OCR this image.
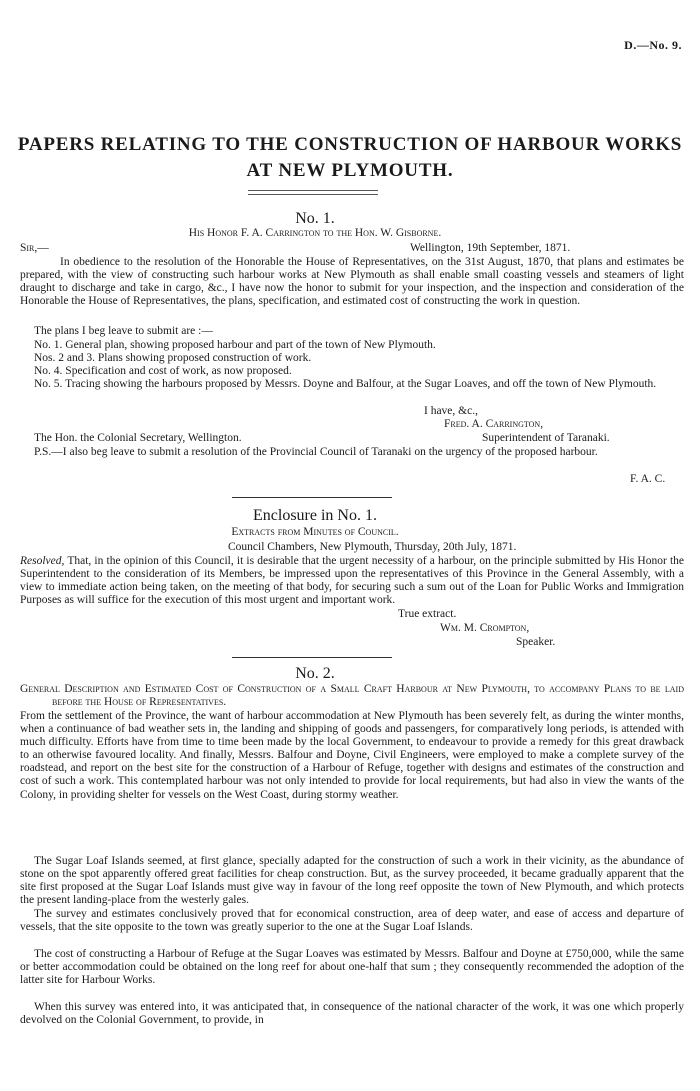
D.—No. 9.
PAPERS RELATING TO THE CONSTRUCTION OF HARBOUR WORKS
AT NEW PLYMOUTH.
No. 1.
His Honor F. A. Carrington to the Hon. W. Gisborne.
Sir,—	Wellington, 19th September, 1871.
In obedience to the resolution of the Honorable the House of Representatives, on the 31st August, 1870, that plans and estimates be prepared, with the view of constructing such harbour works at New Plymouth as shall enable small coasting vessels and steamers of light draught to discharge and take in cargo, &c., I have now the honor to submit for your inspection, and the inspection and consideration of the Honorable the House of Representatives, the plans, specification, and estimated cost of constructing the work in question.
The plans I beg leave to submit are :—
No. 1. General plan, showing proposed harbour and part of the town of New Plymouth.
Nos. 2 and 3. Plans showing proposed construction of work.
No. 4. Specification and cost of work, as now proposed.
No. 5. Tracing showing the harbours proposed by Messrs. Doyne and Balfour, at the Sugar Loaves, and off the town of New Plymouth.
I have, &c.,
Fred. A. Carrington,
The Hon. the Colonial Secretary, Wellington.	Superintendent of Taranaki.
P.S.—I also beg leave to submit a resolution of the Provincial Council of Taranaki on the urgency of the proposed harbour.
F. A. C.
Enclosure in No. 1.
Extracts from Minutes of Council.
Council Chambers, New Plymouth, Thursday, 20th July, 1871.
Resolved, That, in the opinion of this Council, it is desirable that the urgent necessity of a harbour, on the principle submitted by His Honor the Superintendent to the consideration of its Members, be impressed upon the representatives of this Province in the General Assembly, with a view to immediate action being taken, on the meeting of that body, for securing such a sum out of the Loan for Public Works and Immigration Purposes as will suffice for the execution of this most urgent and important work.
True extract.
Wm. M. Crompton,
Speaker.
No. 2.
General Description and Estimated Cost of Construction of a Small Craft Harbour at New Plymouth, to accompany Plans to be laid before the House of Representatives.
From the settlement of the Province, the want of harbour accommodation at New Plymouth has been severely felt, as during the winter months, when a continuance of bad weather sets in, the landing and shipping of goods and passengers, for comparatively long periods, is attended with much difficulty. Efforts have from time to time been made by the local Government, to endeavour to provide a remedy for this great drawback to an otherwise favoured locality. And finally, Messrs. Balfour and Doyne, Civil Engineers, were employed to make a complete survey of the roadstead, and report on the best site for the construction of a Harbour of Refuge, together with designs and estimates of the construction and cost of such a work. This contemplated harbour was not only intended to provide for local requirements, but had also in view the wants of the Colony, in providing shelter for vessels on the West Coast, during stormy weather.
The Sugar Loaf Islands seemed, at first glance, specially adapted for the construction of such a work in their vicinity, as the abundance of stone on the spot apparently offered great facilities for cheap construction. But, as the survey proceeded, it became gradually apparent that the site first proposed at the Sugar Loaf Islands must give way in favour of the long reef opposite the town of New Plymouth, and which protects the present landing-place from the westerly gales.
The survey and estimates conclusively proved that for economical construction, area of deep water, and ease of access and departure of vessels, that the site opposite to the town was greatly superior to the one at the Sugar Loaf Islands.
The cost of constructing a Harbour of Refuge at the Sugar Loaves was estimated by Messrs. Balfour and Doyne at £750,000, while the same or better accommodation could be obtained on the long reef for about one-half that sum ; they consequently recommended the adoption of the latter site for Harbour Works.
When this survey was entered into, it was anticipated that, in consequence of the national character of the work, it was one which properly devolved on the Colonial Government, to provide, in
